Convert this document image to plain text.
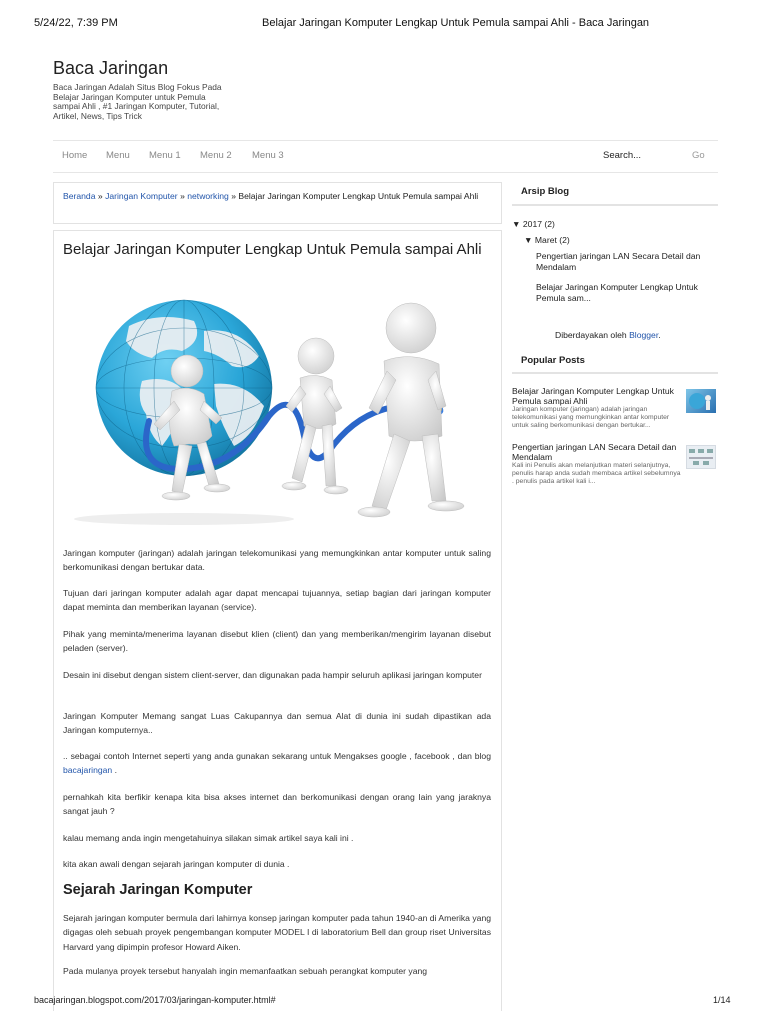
5/24/22, 7:39 PM	Belajar Jaringan Komputer Lengkap Untuk Pemula sampai Ahli - Baca Jaringan
Baca Jaringan
Baca Jaringan Adalah Situs Blog Fokus Pada Belajar Jaringan Komputer untuk Pemula sampai Ahli , #1 Jaringan Komputer, Tutorial, Artikel, News, Tips Trick
Home Menu Menu 1 Menu 2 Menu 3	Search...	Go
Beranda » Jaringan Komputer » networking » Belajar Jaringan Komputer Lengkap Untuk Pemula sampai Ahli
Belajar Jaringan Komputer Lengkap Untuk Pemula sampai Ahli

Jaringan komputer (jaringan) adalah jaringan telekomunikasi yang memungkinkan antar komputer untuk saling berkomunikasi dengan bertukar data.

Tujuan dari jaringan komputer adalah agar dapat mencapai tujuannya, setiap bagian dari jaringan komputer dapat meminta dan memberikan layanan (service).

Pihak yang meminta/menerima layanan disebut klien (client) dan yang memberikan/mengirim layanan disebut peladen (server).

Desain ini disebut dengan sistem client-server, dan digunakan pada hampir seluruh aplikasi jaringan komputer

Jaringan Komputer Memang sangat Luas Cakupannya dan semua Alat di dunia ini sudah dipastikan ada Jaringan komputernya..

.. sebagai contoh Internet seperti yang anda gunakan sekarang untuk Mengakses google , facebook , dan blog bacajaringan .

pernahkah kita berfikir kenapa kita bisa akses internet dan berkomunikasi dengan orang lain yang jaraknya sangat jauh ?

kalau memang anda ingin mengetahuinya silakan simak artikel saya kali ini .

kita akan awali dengan sejarah jaringan komputer di dunia .

Sejarah Jaringan Komputer

Sejarah jaringan komputer bermula dari lahirnya konsep jaringan komputer pada tahun 1940-an di Amerika yang digagas oleh sebuah proyek pengembangan komputer MODEL I di laboratorium Bell dan group riset Universitas Harvard yang dipimpin profesor Howard Aiken.

Pada mulanya proyek tersebut hanyalah ingin memanfaatkan sebuah perangkat komputer yang

Arsip Blog
▼ 2017 (2)
▼ Maret (2)
Pengertian jaringan LAN Secara Detail dan Mendalam
Belajar Jaringan Komputer Lengkap Untuk Pemula sam...
Diberdayakan oleh Blogger.
Popular Posts
Belajar Jaringan Komputer Lengkap Untuk Pemula sampai Ahli
Jaringan komputer (jaringan) adalah jaringan telekomunikasi yang memungkinkan antar komputer untuk saling berkomunikasi dengan bertukar...
Pengertian jaringan LAN Secara Detail dan Mendalam
Kali ini Penulis akan melanjutkan materi selanjutnya, penulis harap anda sudah membaca artikel sebelumnya . penulis pada artikel kali i...
bacajaringan.blogspot.com/2017/03/jaringan-komputer.html#	1/14
